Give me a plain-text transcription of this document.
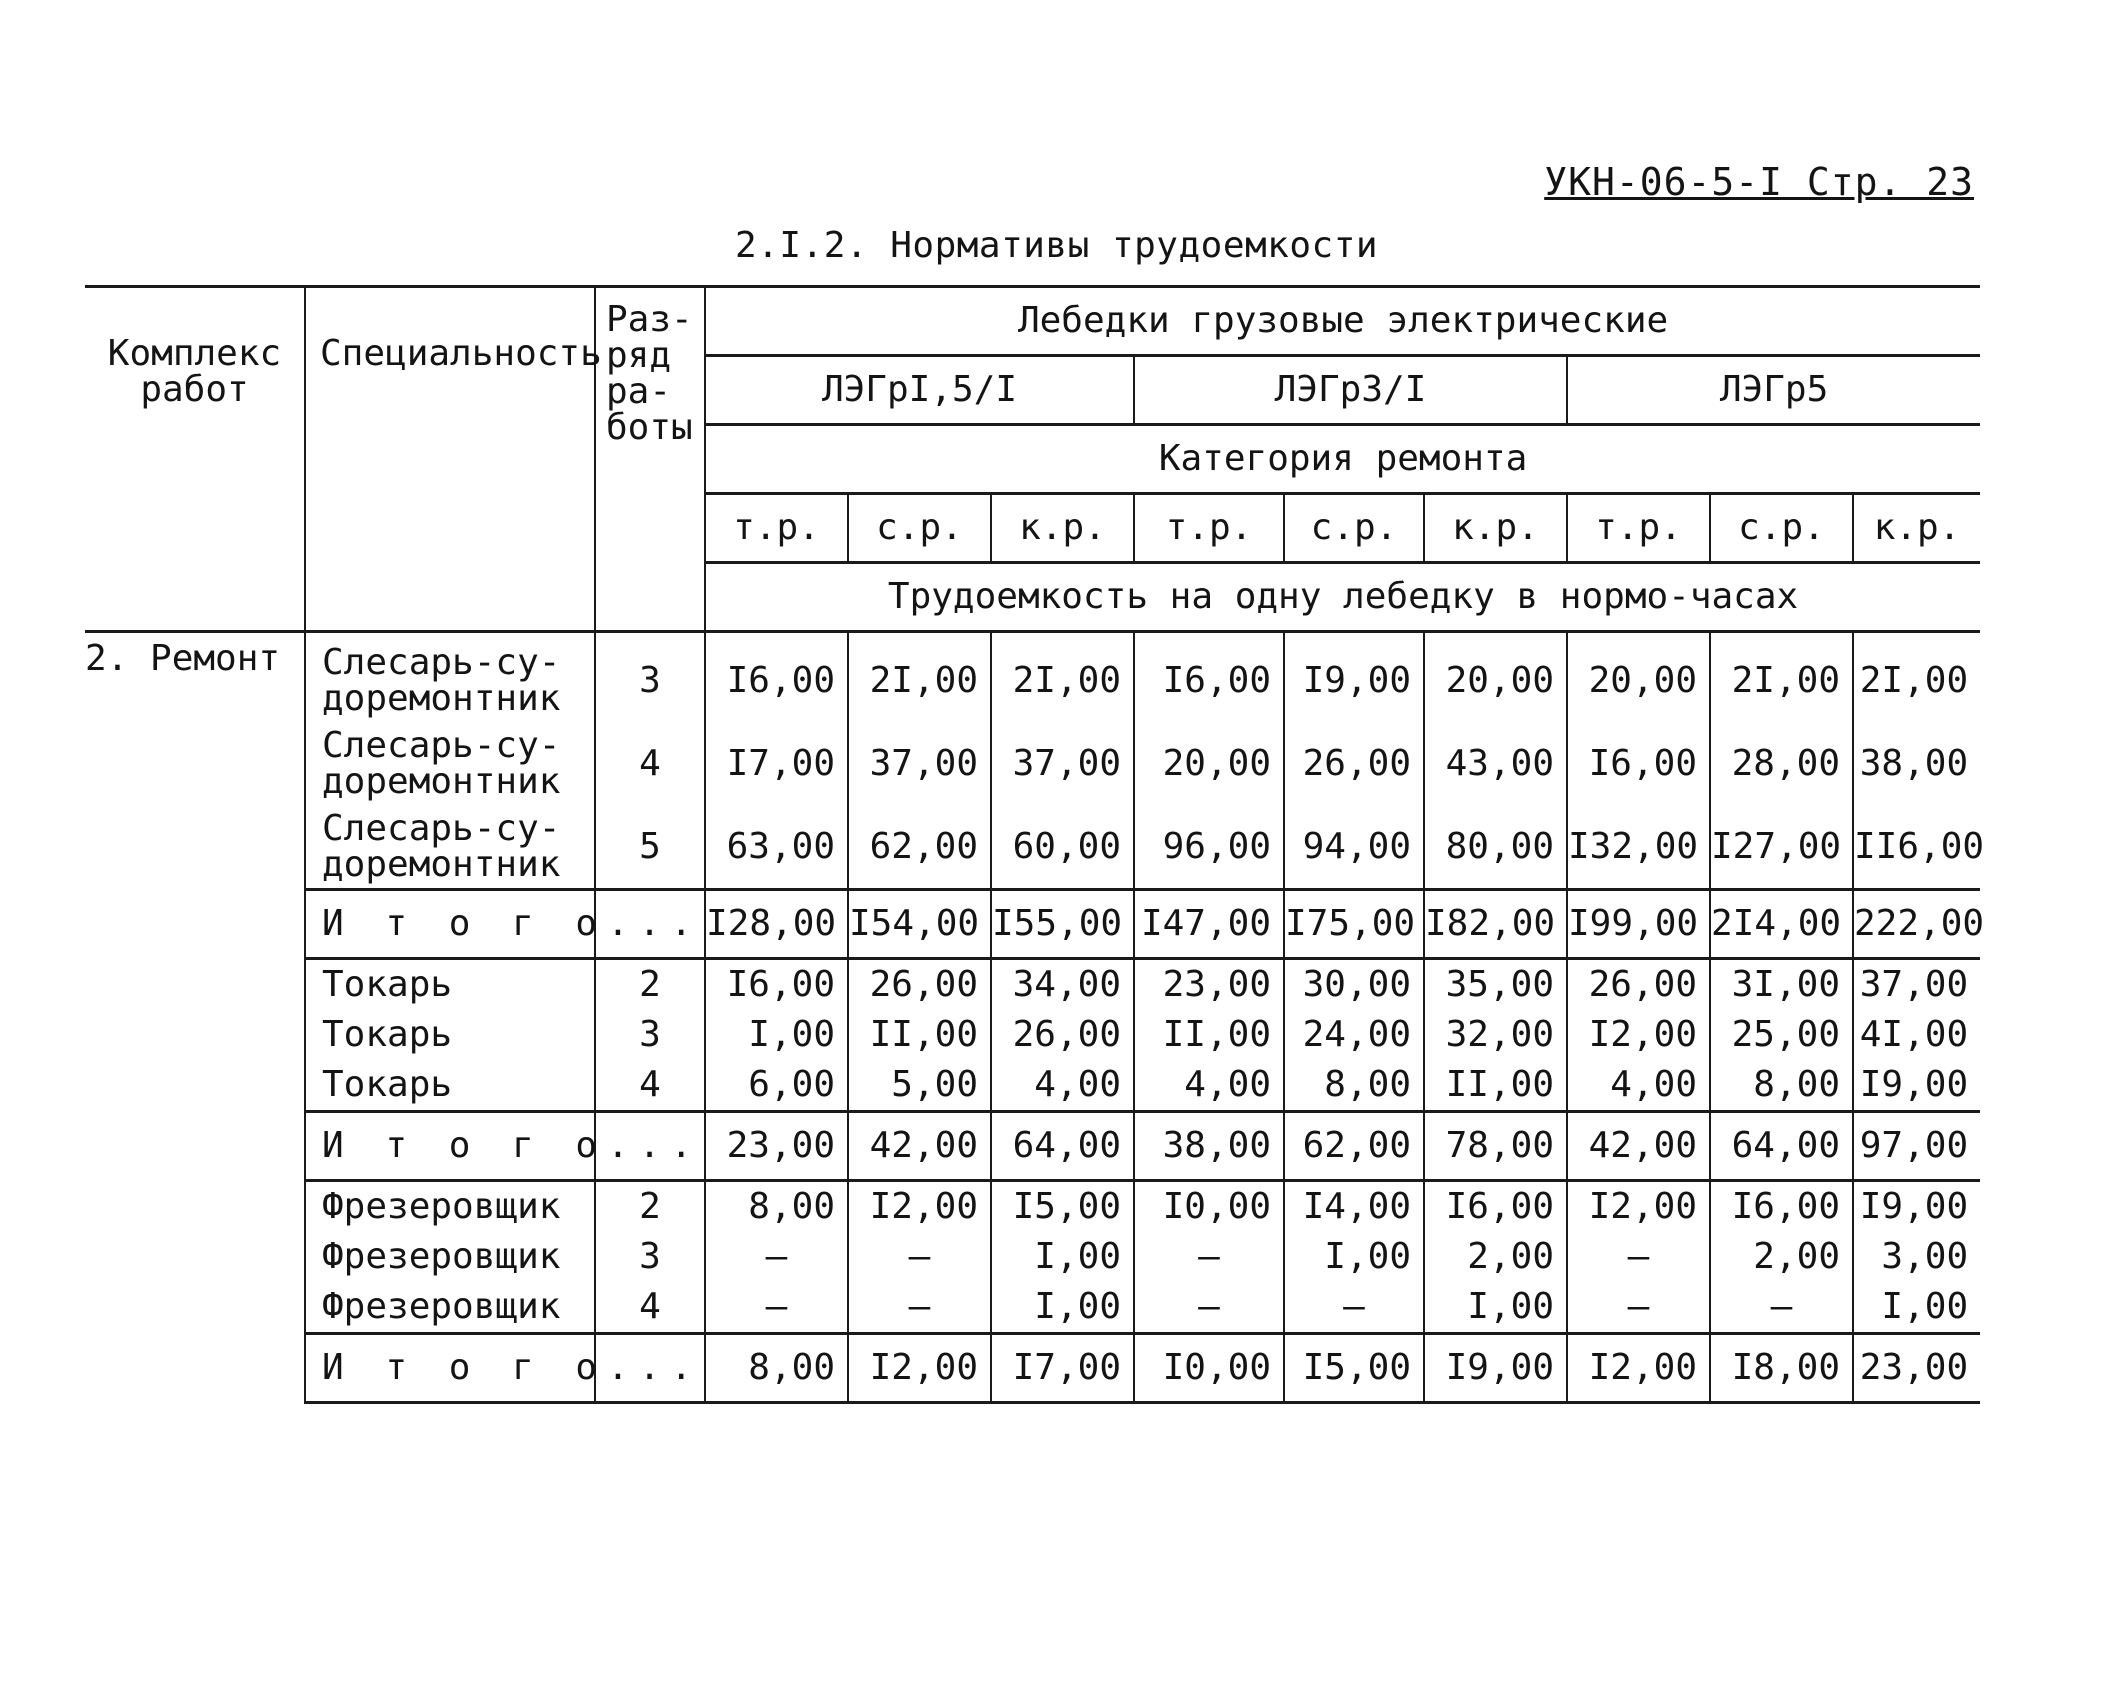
УКН-06-5-I Стр. 23
2.I.2. Нормативы трудоемкости
Комплекс работ	Специальность	Раз- ряд ра- боты	Лебедки грузовые электрические								
			ЛЭГрI,5/I			ЛЭГр3/I			ЛЭГр5		
			Категория ремонта								
			т.р.	с.р.	к.р.	т.р.	с.р.	к.р.	т.р.	с.р.	к.р.
			Трудоемкость на одну лебедку в нормо-часах								
2. Ремонт	Слесарь-су- доремонтник	3	I6,00	2I,00	2I,00	I6,00	I9,00	20,00	20,00	2I,00	2I,00
	Слесарь-су- доремонтник	4	I7,00	37,00	37,00	20,00	26,00	43,00	I6,00	28,00	38,00
	Слесарь-су- доремонтник	5	63,00	62,00	60,00	96,00	94,00	80,00	I32,00	I27,00	II6,00
	И т о г о...		I28,00	I54,00	I55,00	I47,00	I75,00	I82,00	I99,00	2I4,00	222,00
	Токарь	2	I6,00	26,00	34,00	23,00	30,00	35,00	26,00	3I,00	37,00
	Токарь	3	I,00	II,00	26,00	II,00	24,00	32,00	I2,00	25,00	4I,00
	Токарь	4	6,00	5,00	4,00	4,00	8,00	II,00	4,00	8,00	I9,00
	И т о г о...		23,00	42,00	64,00	38,00	62,00	78,00	42,00	64,00	97,00
	Фрезеровщик	2	8,00	I2,00	I5,00	I0,00	I4,00	I6,00	I2,00	I6,00	I9,00
	Фрезеровщик	3	–	–	I,00	–	I,00	2,00	–	2,00	3,00
	Фрезеровщик	4	–	–	I,00	–	–	I,00	–	–	I,00
	И т о г о...		8,00	I2,00	I7,00	I0,00	I5,00	I9,00	I2,00	I8,00	23,00
